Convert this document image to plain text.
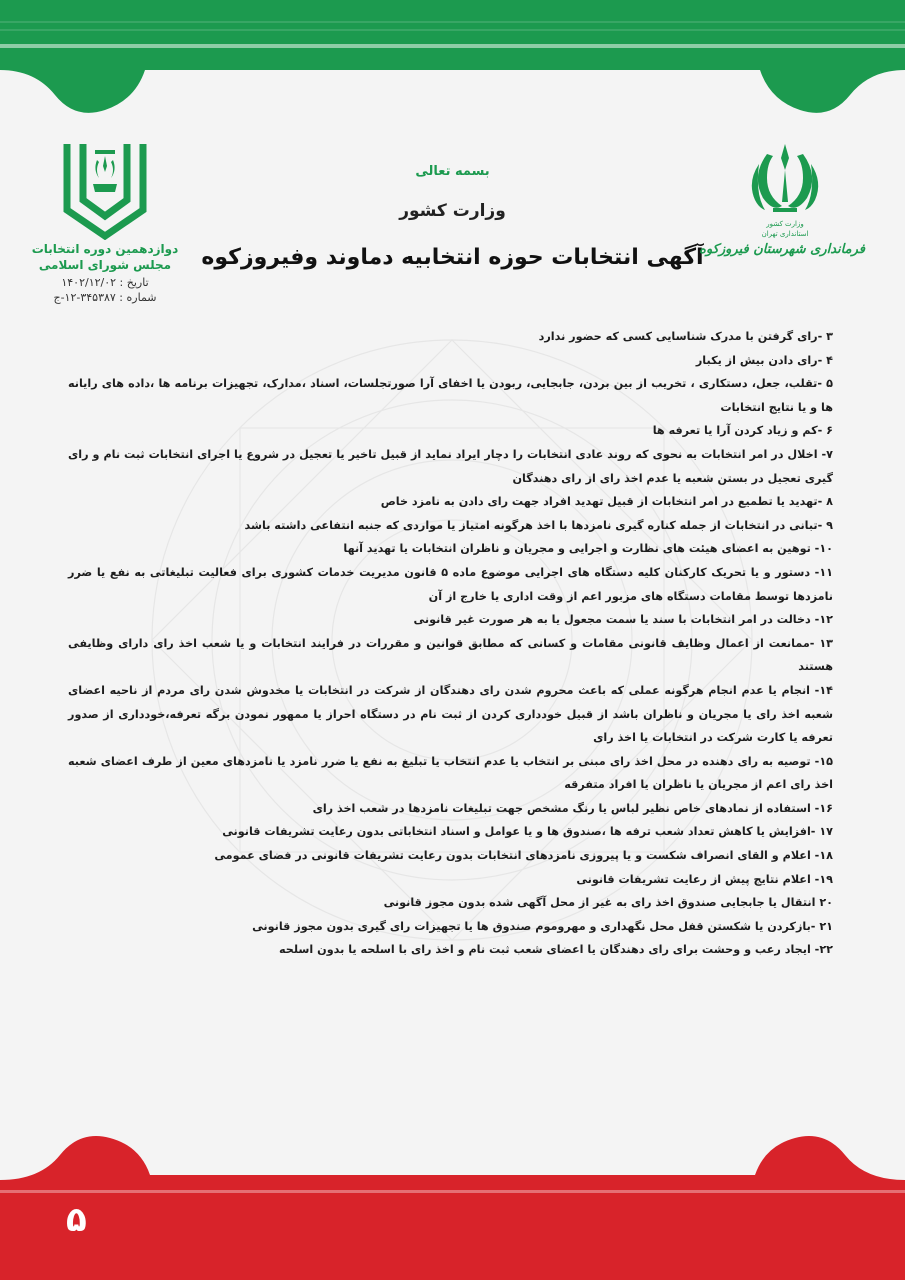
بسمه تعالی
وزارت کشور
آگهی انتخابات حوزه انتخابیه دماوند وفیروزکوه
وزارت کشور
استانداری تهران
فرمانداری شهرستان فیروزکوه
دوازدهمین دوره انتخابات
مجلس شورای اسلامی
تاریخ : ۱۴۰۲/۱۲/۰۲
شماره : ۳۴۵۳۸۷-۱۲-ج
۳ -رای گرفتن با مدرک شناسایی کسی که حضور ندارد
۴ -رای دادن بیش از یکبار
۵ -تقلب، جعل، دستکاری ، تخریب از بین بردن، جابجایی، ربودن یا اخفای آرا صورتجلسات، اسناد ،مدارک، تجهیزات برنامه ها ،داده های رایانه ها و یا نتایج انتخابات
۶ -کم و زیاد کردن آرا یا تعرفه ها
۷- اخلال در امر انتخابات به نحوی که روند عادی انتخابات را دچار ایراد نماید از قبیل تاخیر یا تعجیل در شروع یا اجرای انتخابات ثبت نام و رای گیری تعجیل در بستن شعبه یا عدم اخذ رای از رای دهندگان
۸ -تهدید یا تطمیع در امر انتخابات از قبیل تهدید افراد جهت رای دادن به نامزد خاص
۹ -تبانی در انتخابات از جمله کناره گیری نامزدها با اخذ هرگونه امتیاز یا مواردی که جنبه انتفاعی داشته باشد
۱۰- توهین به اعضای هیئت های نظارت و اجرایی و مجریان و ناظران انتخابات یا تهدید آنها
۱۱- دستور و یا تحریک کارکنان کلیه دستگاه های اجرایی موضوع ماده ۵ قانون مدیریت خدمات کشوری برای فعالیت تبلیغاتی به نفع یا ضرر نامزدها توسط مقامات دستگاه های مزبور اعم از وقت اداری یا خارج از آن
۱۲- دخالت در امر انتخابات با سند یا سمت مجعول یا به هر صورت غیر قانونی
۱۳ -ممانعت از اعمال وظایف قانونی مقامات و کسانی که مطابق قوانین و مقررات در فرایند انتخابات و یا شعب اخذ رای دارای وظایفی هستند
۱۴- انجام یا عدم انجام هرگونه عملی که باعث محروم شدن رای دهندگان از شرکت در انتخابات یا مخدوش شدن رای مردم از ناحیه اعضای شعبه اخذ رای یا مجریان و ناظران باشد از قبیل خودداری کردن از ثبت نام در دستگاه احراز یا ممهور نمودن برگه تعرفه،خودداری از صدور تعرفه یا کارت شرکت در انتخابات یا اخذ رای
۱۵- توصیه به رای دهنده در محل اخذ رای مبنی بر انتخاب یا عدم انتخاب یا تبلیغ به نفع یا ضرر نامزد یا نامزدهای معین از طرف اعضای شعبه اخذ رای اعم از مجریان یا ناظران یا افراد متفرقه
۱۶- استفاده از نمادهای خاص نظیر لباس یا رنگ مشخص جهت تبلیغات نامزدها در شعب اخذ رای
۱۷ -افزایش یا کاهش تعداد شعب ترفه ها ،صندوق ها و یا عوامل و اسناد انتخاباتی بدون رعایت تشریفات قانونی
۱۸- اعلام و القای انصراف شکست و یا پیروزی نامزدهای انتخابات بدون رعایت تشریفات قانونی در فضای عمومی
۱۹- اعلام نتایج پیش از رعایت تشریفات قانونی
۲۰ انتقال یا جابجایی صندوق اخذ رای به غیر از محل آگهی شده بدون مجوز قانونی
۲۱ -بازکردن یا شکستن قفل محل نگهداری و مهروموم صندوق ها یا تجهیزات رای گیری بدون مجوز قانونی
۲۲- ایجاد رعب و وحشت برای رای دهندگان یا اعضای شعب ثبت نام و اخذ رای با اسلحه یا بدون اسلحه
۵
